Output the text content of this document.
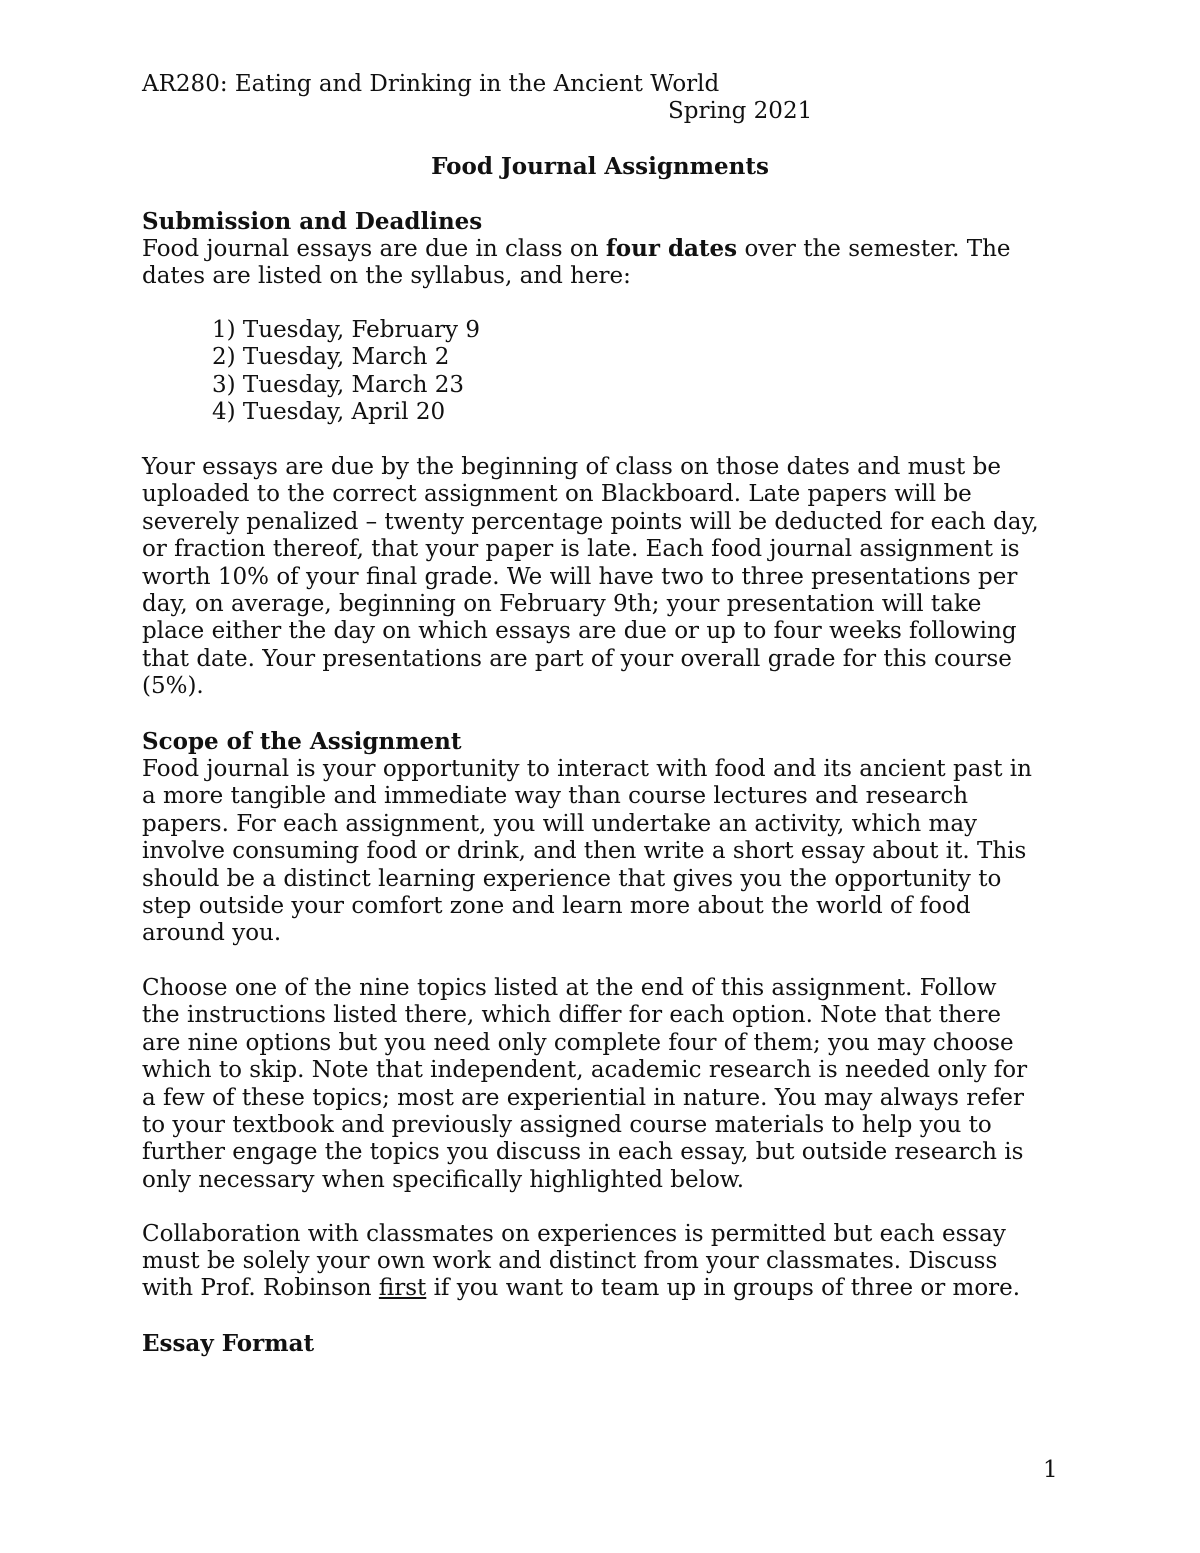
AR280: Eating and Drinking in the Ancient World
Spring 2021
Food Journal Assignments
Submission and Deadlines
Food journal essays are due in class on four dates over the semester. The
dates are listed on the syllabus, and here:
1) Tuesday, February 9
2) Tuesday, March 2
3) Tuesday, March 23
4) Tuesday, April 20
Your essays are due by the beginning of class on those dates and must be
uploaded to the correct assignment on Blackboard. Late papers will be
severely penalized – twenty percentage points will be deducted for each day,
or fraction thereof, that your paper is late. Each food journal assignment is
worth 10% of your final grade. We will have two to three presentations per
day, on average, beginning on February 9th; your presentation will take
place either the day on which essays are due or up to four weeks following
that date. Your presentations are part of your overall grade for this course
(5%).
Scope of the Assignment
Food journal is your opportunity to interact with food and its ancient past in
a more tangible and immediate way than course lectures and research
papers. For each assignment, you will undertake an activity, which may
involve consuming food or drink, and then write a short essay about it. This
should be a distinct learning experience that gives you the opportunity to
step outside your comfort zone and learn more about the world of food
around you.
Choose one of the nine topics listed at the end of this assignment. Follow
the instructions listed there, which differ for each option. Note that there
are nine options but you need only complete four of them; you may choose
which to skip. Note that independent, academic research is needed only for
a few of these topics; most are experiential in nature. You may always refer
to your textbook and previously assigned course materials to help you to
further engage the topics you discuss in each essay, but outside research is
only necessary when specifically highlighted below.
Collaboration with classmates on experiences is permitted but each essay
must be solely your own work and distinct from your classmates. Discuss
with Prof. Robinson first if you want to team up in groups of three or more.
Essay Format
1
